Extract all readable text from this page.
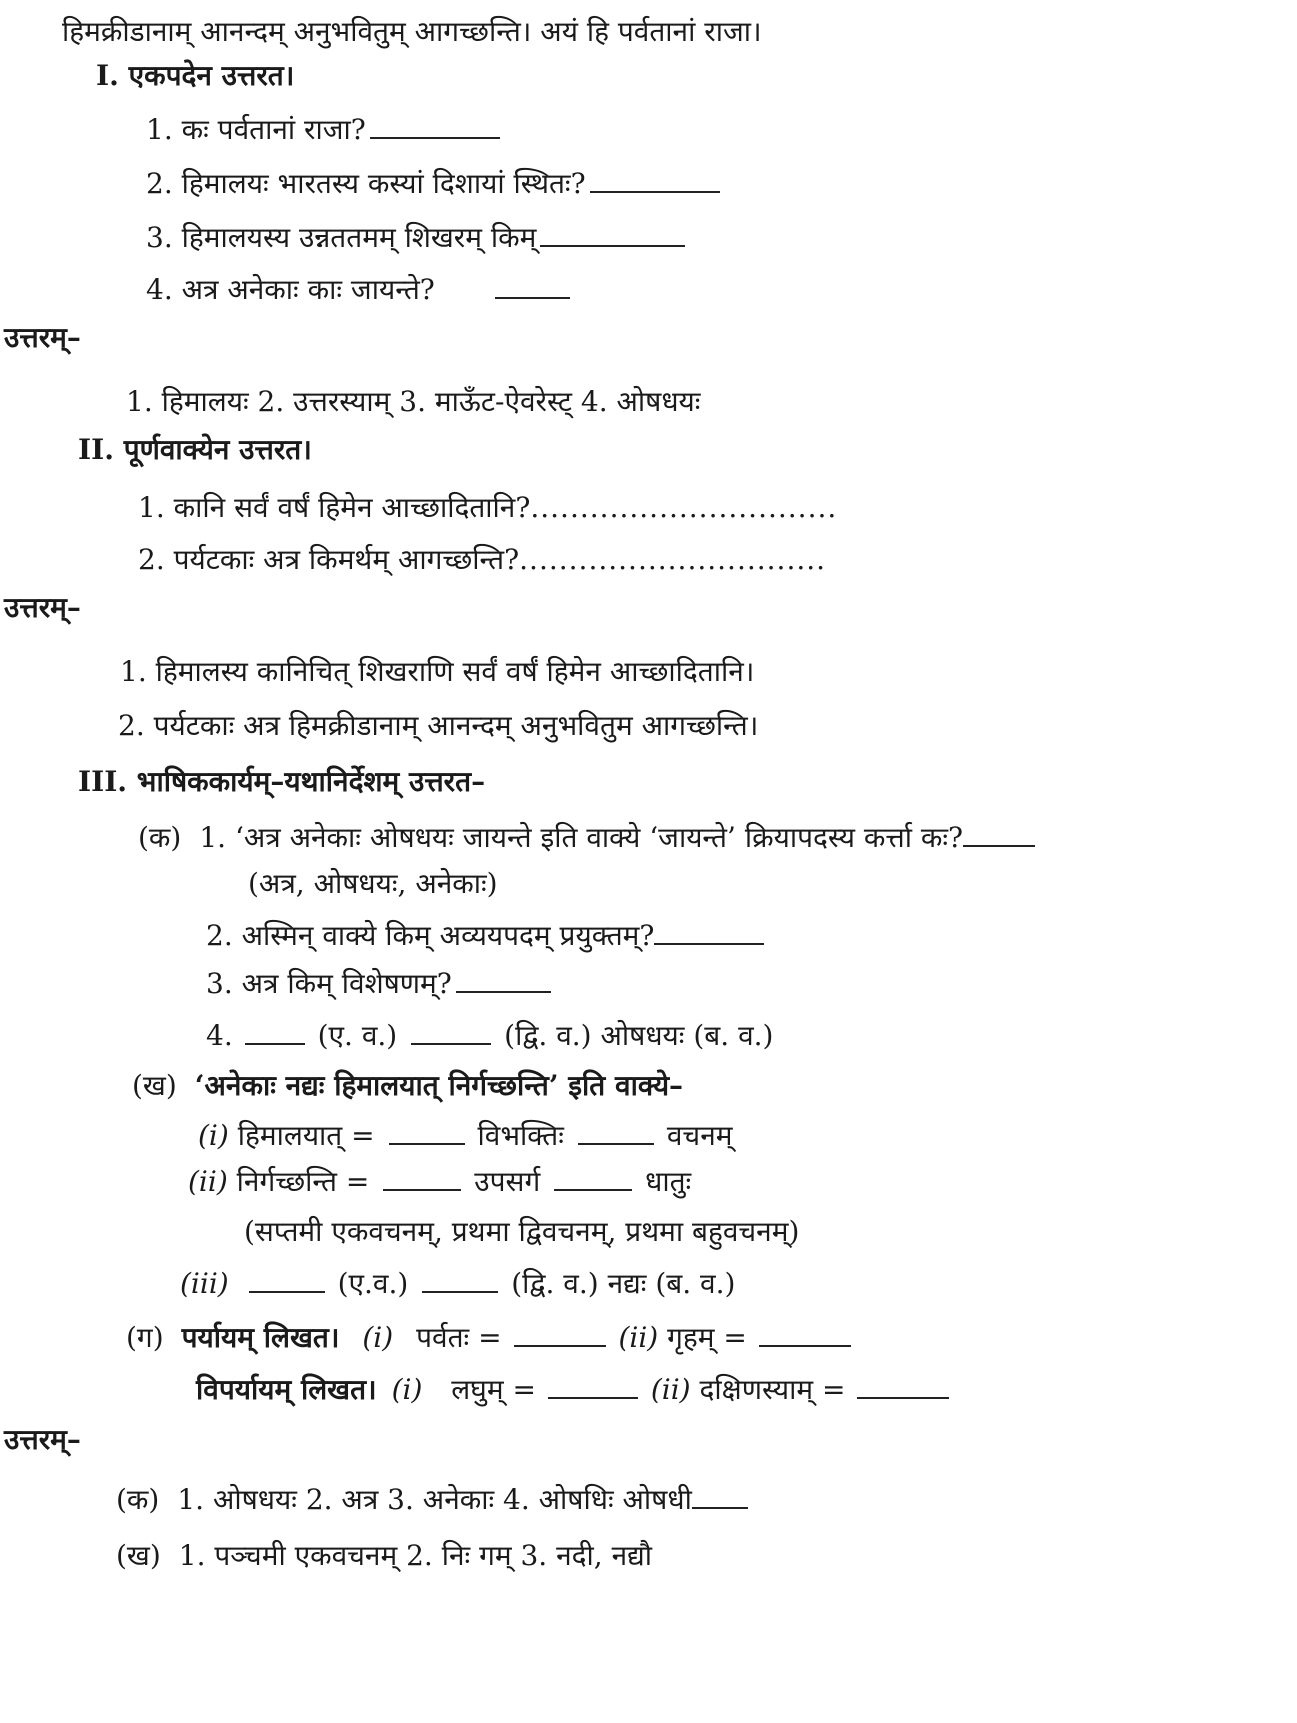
हिमक्रीडानाम् आनन्दम् अनुभवितुम् आगच्छन्ति। अयं हि पर्वतानां राजा।
I. एकपदेन उत्तरत।
1. कः पर्वतानां राजा?
2. हिमालयः भारतस्य कस्यां दिशायां स्थितः?
3. हिमालयस्य उन्नततमम् शिखरम् किम्
4. अत्र अनेकाः काः जायन्ते?
उत्तरम्–
1. हिमालयः 2. उत्तरस्याम् 3. माऊँट-ऐवरेस्ट् 4. ओषधयः
II. पूर्णवाक्येन उत्तरत।
1. कानि सर्वं वर्षं हिमेन आच्छादितानि?...............................
2. पर्यटकाः अत्र किमर्थम् आगच्छन्ति?...............................
उत्तरम्–
1. हिमालस्य कानिचित् शिखराणि सर्वं वर्षं हिमेन आच्छादितानि।
2. पर्यटकाः अत्र हिमक्रीडानाम् आनन्दम् अनुभवितुम आगच्छन्ति।
III. भाषिककार्यम्–यथानिर्देशम् उत्तरत–
(क) 1. ‘अत्र अनेकाः ओषधयः जायन्ते इति वाक्ये ‘जायन्ते’ क्रियापदस्य कर्त्ता कः?
(अत्र, ओषधयः, अनेकाः)
2. अस्मिन् वाक्ये किम् अव्ययपदम् प्रयुक्तम्?
3. अत्र किम् विशेषणम्?
4.	(ए. व.)	(द्वि. व.) ओषधयः (ब. व.)
(ख) ‘अनेकाः नद्यः हिमालयात् निर्गच्छन्ति’ इति वाक्ये–
(i) हिमालयात् =	विभक्तिः	वचनम्
(ii) निर्गच्छन्ति =	उपसर्ग	धातुः
(सप्तमी एकवचनम्, प्रथमा द्विवचनम्, प्रथमा बहुवचनम्)
(iii)	(ए.व.)	(द्वि. व.) नद्यः (ब. व.)
(ग) पर्यायम् लिखत। (i) पर्वतः =	(ii) गृहम् =
विपर्यायम् लिखत। (i) लघुम् =	(ii) दक्षिणस्याम् =
उत्तरम्–
(क) 1. ओषधयः 2. अत्र 3. अनेकाः 4. ओषधिः ओषधी
(ख) 1. पञ्चमी एकवचनम् 2. निः गम् 3. नदी, नद्यौ
